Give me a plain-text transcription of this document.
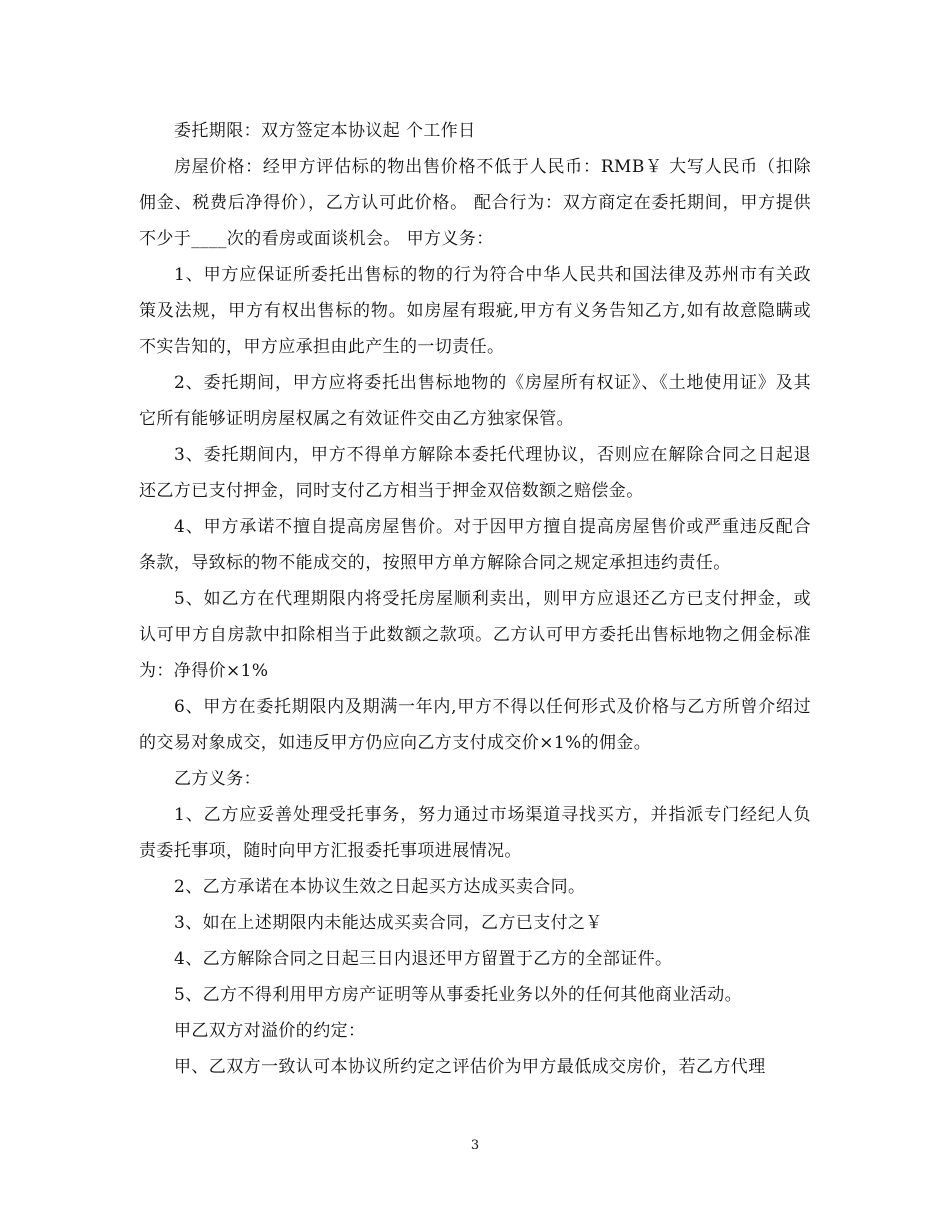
委托期限：双方签定本协议起 个工作日

房屋价格：经甲方评估标的物出售价格不低于人民币：RMB￥ 大写人民币（扣除佣金、税费后净得价），乙方认可此价格。 配合行为：双方商定在委托期间，甲方提供不少于____次的看房或面谈机会。 甲方义务：

1、甲方应保证所委托出售标的物的行为符合中华人民共和国法律及苏州市有关政策及法规，甲方有权出售标的物。如房屋有瑕疵,甲方有义务告知乙方,如有故意隐瞒或不实告知的，甲方应承担由此产生的一切责任。

2、委托期间，甲方应将委托出售标地物的《房屋所有权证》、《土地使用证》及其它所有能够证明房屋权属之有效证件交由乙方独家保管。

3、委托期间内，甲方不得单方解除本委托代理协议，否则应在解除合同之日起退还乙方已支付押金，同时支付乙方相当于押金双倍数额之赔偿金。

4、甲方承诺不擅自提高房屋售价。对于因甲方擅自提高房屋售价或严重违反配合条款，导致标的物不能成交的，按照甲方单方解除合同之规定承担违约责任。

5、如乙方在代理期限内将受托房屋顺利卖出，则甲方应退还乙方已支付押金，或认可甲方自房款中扣除相当于此数额之款项。乙方认可甲方委托出售标地物之佣金标准为：净得价×1%

6、甲方在委托期限内及期满一年内,甲方不得以任何形式及价格与乙方所曾介绍过的交易对象成交，如违反甲方仍应向乙方支付成交价×1%的佣金。

乙方义务：

1、乙方应妥善处理受托事务，努力通过市场渠道寻找买方，并指派专门经纪人负责委托事项，随时向甲方汇报委托事项进展情况。

2、乙方承诺在本协议生效之日起买方达成买卖合同。

3、如在上述期限内未能达成买卖合同，乙方已支付之￥

4、乙方解除合同之日起三日内退还甲方留置于乙方的全部证件。

5、乙方不得利用甲方房产证明等从事委托业务以外的任何其他商业活动。

甲乙双方对溢价的约定：

甲、乙双方一致认可本协议所约定之评估价为甲方最低成交房价，若乙方代理

3
